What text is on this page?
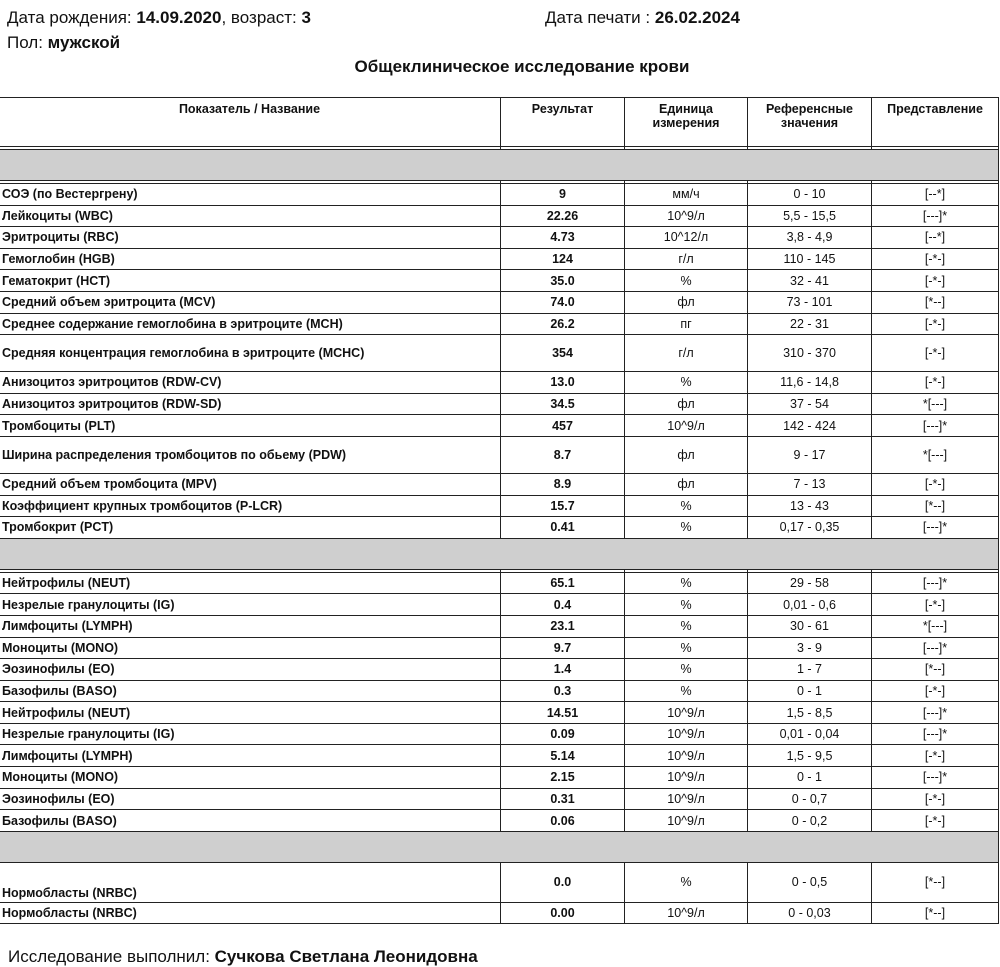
Дата рождения: 14.09.2020, возраст: 3	Дата печати : 26.02.2024
Пол: мужской
Общеклиническое исследование крови
Показатель / Название	Результат	Единица измерения	Референсные значения	Представление

СОЭ (по Вестергрену)	9	мм/ч	0 - 10	[--*]
Лейкоциты (WBC)	22.26	10^9/л	5,5 - 15,5	[---]*
Эритроциты (RBC)	4.73	10^12/л	3,8 - 4,9	[--*]
Гемоглобин (HGB)	124	г/л	110 - 145	[-*-]
Гематокрит (HCT)	35.0	%	32 - 41	[-*-]
Средний объем эритроцита (MCV)	74.0	фл	73 - 101	[*--]
Среднее содержание гемоглобина в эритроците (MCH)	26.2	пг	22 - 31	[-*-]
Средняя концентрация гемоглобина в эритроците (MCHC)	354	г/л	310 - 370	[-*-]
Анизоцитоз эритроцитов (RDW-CV)	13.0	%	11,6 - 14,8	[-*-]
Анизоцитоз эритроцитов (RDW-SD)	34.5	фл	37 - 54	*[---]
Тромбоциты (PLT)	457	10^9/л	142 - 424	[---]*
Ширина распределения тромбоцитов по обьему (PDW)	8.7	фл	9 - 17	*[---]
Средний объем тромбоцита (MPV)	8.9	фл	7 - 13	[-*-]
Коэффициент крупных тромбоцитов (P-LCR)	15.7	%	13 - 43	[*--]
Тромбокрит (PCT)	0.41	%	0,17 - 0,35	[---]*

Нейтрофилы (NEUT)	65.1	%	29 - 58	[---]*
Незрелые гранулоциты (IG)	0.4	%	0,01 - 0,6	[-*-]
Лимфоциты (LYMPH)	23.1	%	30 - 61	*[---]
Моноциты (MONO)	9.7	%	3 - 9	[---]*
Эозинофилы (EO)	1.4	%	1 - 7	[*--]
Базофилы (BASO)	0.3	%	0 - 1	[-*-]
Нейтрофилы (NEUT)	14.51	10^9/л	1,5 - 8,5	[---]*
Незрелые гранулоциты (IG)	0.09	10^9/л	0,01 - 0,04	[---]*
Лимфоциты (LYMPH)	5.14	10^9/л	1,5 - 9,5	[-*-]
Моноциты (MONO)	2.15	10^9/л	0 - 1	[---]*
Эозинофилы (EO)	0.31	10^9/л	0 - 0,7	[-*-]
Базофилы (BASO)	0.06	10^9/л	0 - 0,2	[-*-]

Нормобласты (NRBC)	0.0	%	0 - 0,5	[*--]
Нормобласты (NRBC)	0.00	10^9/л	0 - 0,03	[*--]
Исследование выполнил: Сучкова Светлана Леонидовна
